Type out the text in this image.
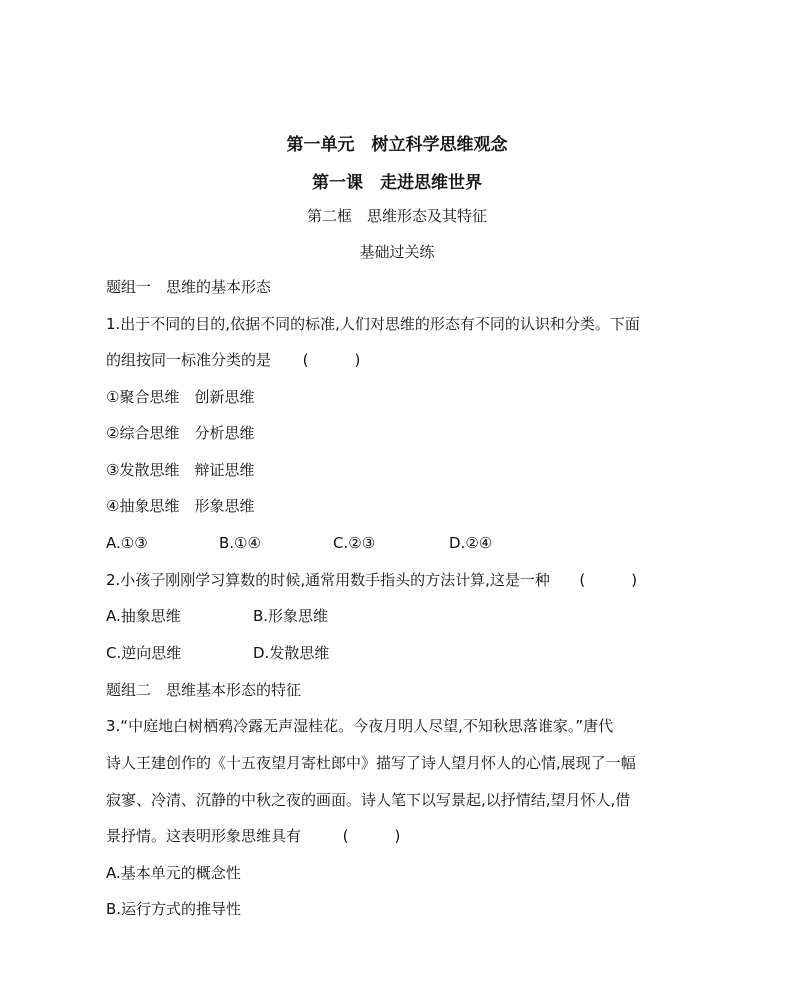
第一单元　树立科学思维观念
第一课　走进思维世界
第二框　思维形态及其特征
基础过关练
题组一　思维的基本形态
1.出于不同的目的,依据不同的标准,人们对思维的形态有不同的认识和分类。下面
的组按同一标准分类的是 (	)
①聚合思维　创新思维
②综合思维　分析思维
③发散思维　辩证思维
④抽象思维　形象思维
A.①③	B.①④	C.②③	D.②④
2.小孩子刚刚学习算数的时候,通常用数手指头的方法计算,这是一种 (	)
A.抽象思维	B.形象思维
C.逆向思维	D.发散思维
题组二　思维基本形态的特征
3.“中庭地白树栖鸦冷露无声湿桂花。今夜月明人尽望,不知秋思落谁家。”唐代
诗人王建创作的《十五夜望月寄杜郎中》描写了诗人望月怀人的心情,展现了一幅
寂寥、冷清、沉静的中秋之夜的画面。诗人笔下以写景起,以抒情结,望月怀人,借
景抒情。这表明形象思维具有	(	)
A.基本单元的概念性
B.运行方式的推导性
